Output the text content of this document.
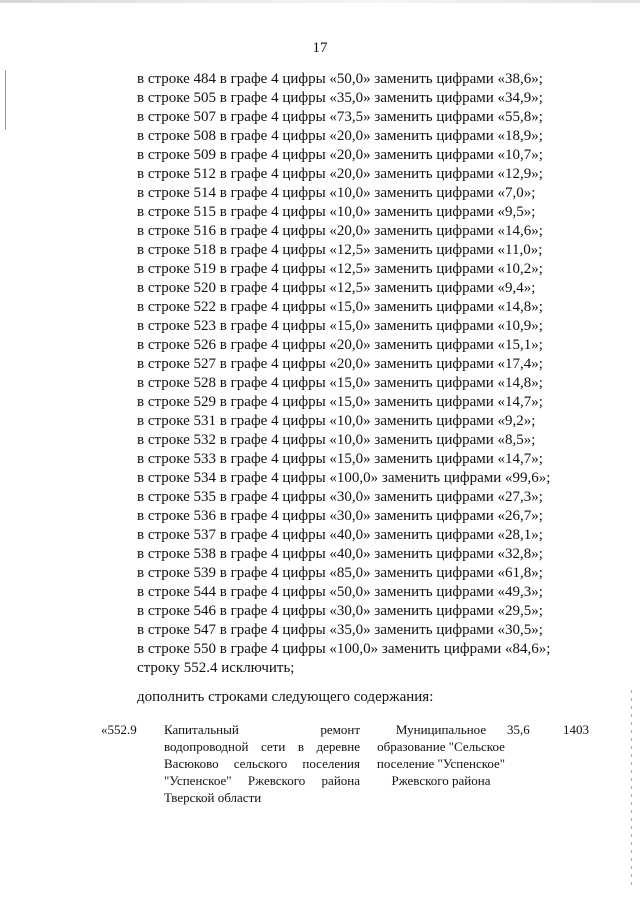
17
в строке 484 в графе 4 цифры «50,0» заменить цифрами «38,6»;
в строке 505 в графе 4 цифры «35,0» заменить цифрами «34,9»;
в строке 507 в графе 4 цифры «73,5» заменить цифрами «55,8»;
в строке 508 в графе 4 цифры «20,0» заменить цифрами «18,9»;
в строке 509 в графе 4 цифры «20,0» заменить цифрами «10,7»;
в строке 512 в графе 4 цифры «20,0» заменить цифрами «12,9»;
в строке 514 в графе 4 цифры «10,0» заменить цифрами «7,0»;
в строке 515 в графе 4 цифры «10,0» заменить цифрами «9,5»;
в строке 516 в графе 4 цифры «20,0» заменить цифрами «14,6»;
в строке 518 в графе 4 цифры «12,5» заменить цифрами «11,0»;
в строке 519 в графе 4 цифры «12,5» заменить цифрами «10,2»;
в строке 520 в графе 4 цифры «12,5» заменить цифрами «9,4»;
в строке 522 в графе 4 цифры «15,0» заменить цифрами «14,8»;
в строке 523 в графе 4 цифры «15,0» заменить цифрами «10,9»;
в строке 526 в графе 4 цифры «20,0» заменить цифрами «15,1»;
в строке 527 в графе 4 цифры «20,0» заменить цифрами «17,4»;
в строке 528 в графе 4 цифры «15,0» заменить цифрами «14,8»;
в строке 529 в графе 4 цифры «15,0» заменить цифрами «14,7»;
в строке 531 в графе 4 цифры «10,0» заменить цифрами «9,2»;
в строке 532 в графе 4 цифры «10,0» заменить цифрами «8,5»;
в строке 533 в графе 4 цифры «15,0» заменить цифрами «14,7»;
в строке 534 в графе 4 цифры «100,0» заменить цифрами «99,6»;
в строке 535 в графе 4 цифры «30,0» заменить цифрами «27,3»;
в строке 536 в графе 4 цифры «30,0» заменить цифрами «26,7»;
в строке 537 в графе 4 цифры «40,0» заменить цифрами «28,1»;
в строке 538 в графе 4 цифры «40,0» заменить цифрами «32,8»;
в строке 539 в графе 4 цифры «85,0» заменить цифрами «61,8»;
в строке 544 в графе 4 цифры «50,0» заменить цифрами «49,3»;
в строке 546 в графе 4 цифры «30,0» заменить цифрами «29,5»;
в строке 547 в графе 4 цифры «35,0» заменить цифрами «30,5»;
в строке 550 в графе 4 цифры «100,0» заменить цифрами «84,6»;
строку 552.4 исключить;
дополнить строками следующего содержания:
«552.9 Капитальный ремонт водопроводной сети в деревне Васюково сельского поселения "Успенское" Ржевского района Тверской области
Муниципальное образование "Сельское поселение "Успенское" Ржевского района
35,6	1403
